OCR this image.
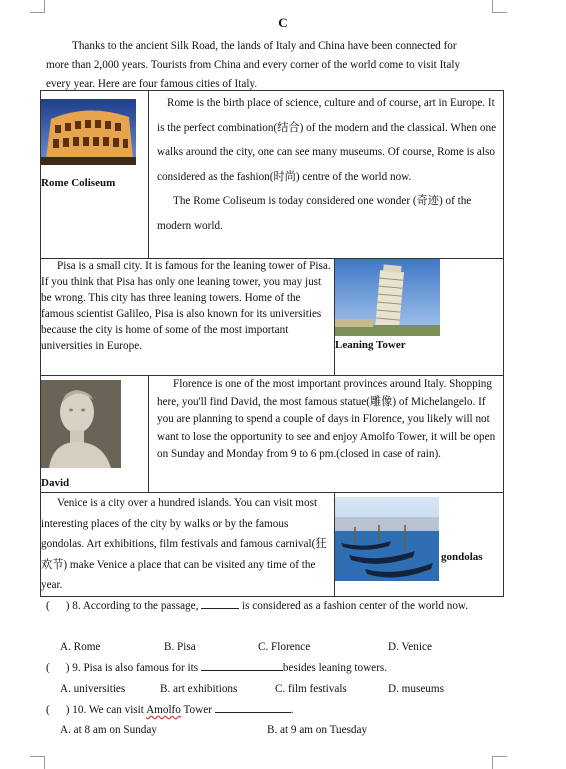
C
Thanks to the ancient Silk Road, the lands of Italy and China have been connected for more than 2,000 years. Tourists from China and every corner of the world come to visit Italy every year. Here are four famous cities of Italy.
Rome Coliseum	Rome is the birth place of science, culture and of course, art in Europe. It is the perfect combination(结合) of the modern and the classical. When one walks around the city, one can see many museums. Of course, Rome is also considered as the fashion(时尚) centre of the world now.
The Rome Coliseum is today considered one wonder (奇迹) of the modern world.	

Pisa is a small city. It is famous for the leaning tower of Pisa. If you think that Pisa has only one leaning tower, you may just be wrong. This city has three leaning towers. Home of the famous scientist Galileo, Pisa is also known for its universities because the city is home of some of the most important universities in Europe.		Leaning Tower

David	Florence is one of the most important provinces around Italy. Shopping here, you'll find David, the most famous statue(雕像) of Michelangelo. If you are planning to spend a couple of days in Florence, you likely will not want to lose the opportunity to see and enjoy Amolfo Tower, it will be open on Sunday and Monday from 9 to 6 pm.(closed in case of rain).	

Venice is a city over a hundred islands. You can visit most interesting places of the city by walks or by the famous gondolas. Art exhibitions, film festivals and famous carnival(狂欢节) make Venice a place that can be visited any time of the year.		gondolas
( ) 8. According to the passage,	is considered as a fashion center of the world now.
A. Rome	B. Pisa	C. Florence	D. Venice
( ) 9. Pisa is also famous for its	besides leaning towers.
A. universities	B. art exhibitions	C. film festivals	D. museums
( ) 10. We can visit Amolfo Tower	.
A. at 8 am on Sunday	B. at 9 am on Tuesday
